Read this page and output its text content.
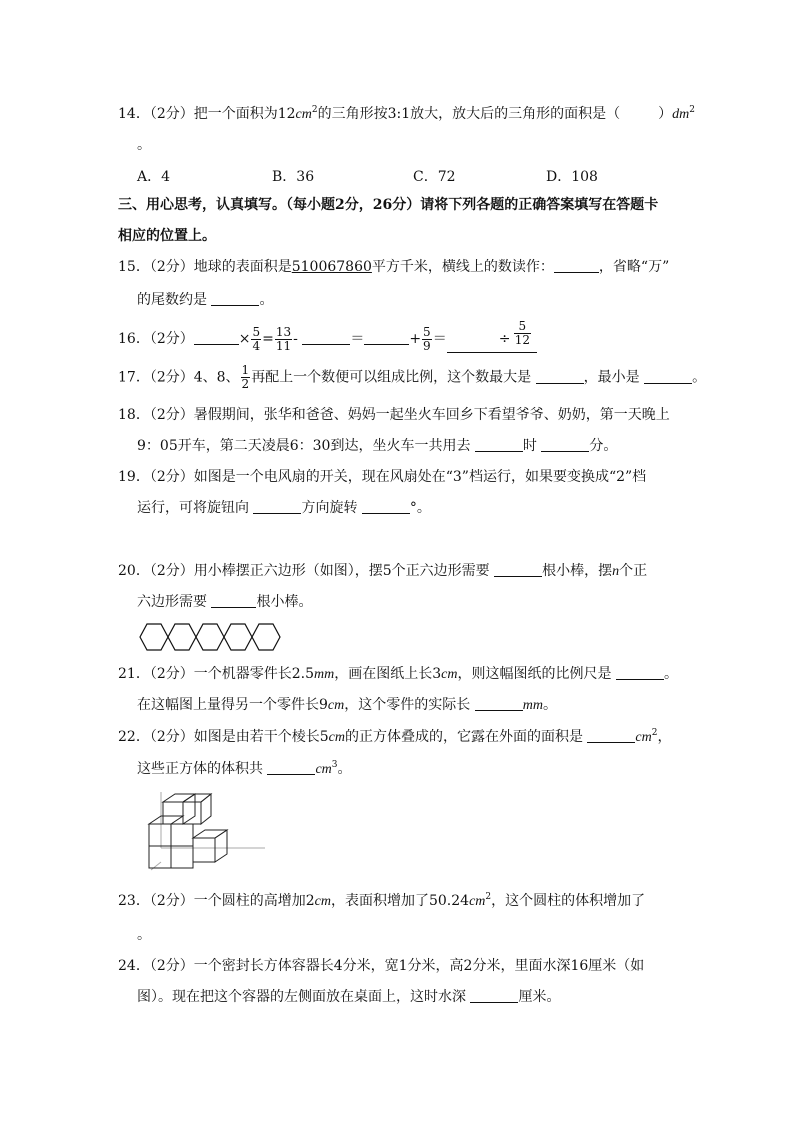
14．（2分）把一个面积为$12cm^2$的三角形按3:1放大，放大后的三角形的面积是（	）$dm^2$
。
A．4	B．36	C．72	D．108
三、用心思考，认真填写。（每小题2分，26分）请将下列各题的正确答案填写在答题卡
相应的位置上。
15．（2分）地球的表面积是510067860平方千米，横线上的数读作：	，省略“万”
的尾数约是	。
16．（2分）	× $\frac{5}{4} = \frac{13}{11}$ -	＝	+ $\frac{5}{9}$ ＝	÷ $\frac{5}{12}$
17．（2分）4、8、 $\frac{1}{2}$ 再配上一个数便可以组成比例，这个数最大是	，最小是	。
18．（2分）暑假期间，张华和爸爸、妈妈一起坐火车回乡下看望爷爷、奶奶，第一天晚上
9：05开车，第二天凌晨6：30到达，坐火车一共用去	时	分。
19．（2分）如图是一个电风扇的开关，现在风扇处在“3”档运行，如果要变换成“2”档
运行，可将旋钮向	方向旋转	°。
20．（2分）用小棒摆正六边形（如图），摆5个正六边形需要	根小棒，摆n个正
六边形需要	根小棒。
21．（2分）一个机器零件长2.5mm，画在图纸上长3cm，则这幅图纸的比例尺是	。
在这幅图上量得另一个零件长9cm，这个零件的实际长	mm。
22．（2分）如图是由若干个棱长5cm的正方体叠成的，它露在外面的面积是	$cm^2$，
这些正方体的体积共	$cm^3$。
23．（2分）一个圆柱的高增加2cm，表面积增加了$50.24cm^2$，这个圆柱的体积增加了
。
24．（2分）一个密封长方体容器长4分米，宽1分米，高2分米，里面水深16厘米（如
图）。现在把这个容器的左侧面放在桌面上，这时水深	厘米。
